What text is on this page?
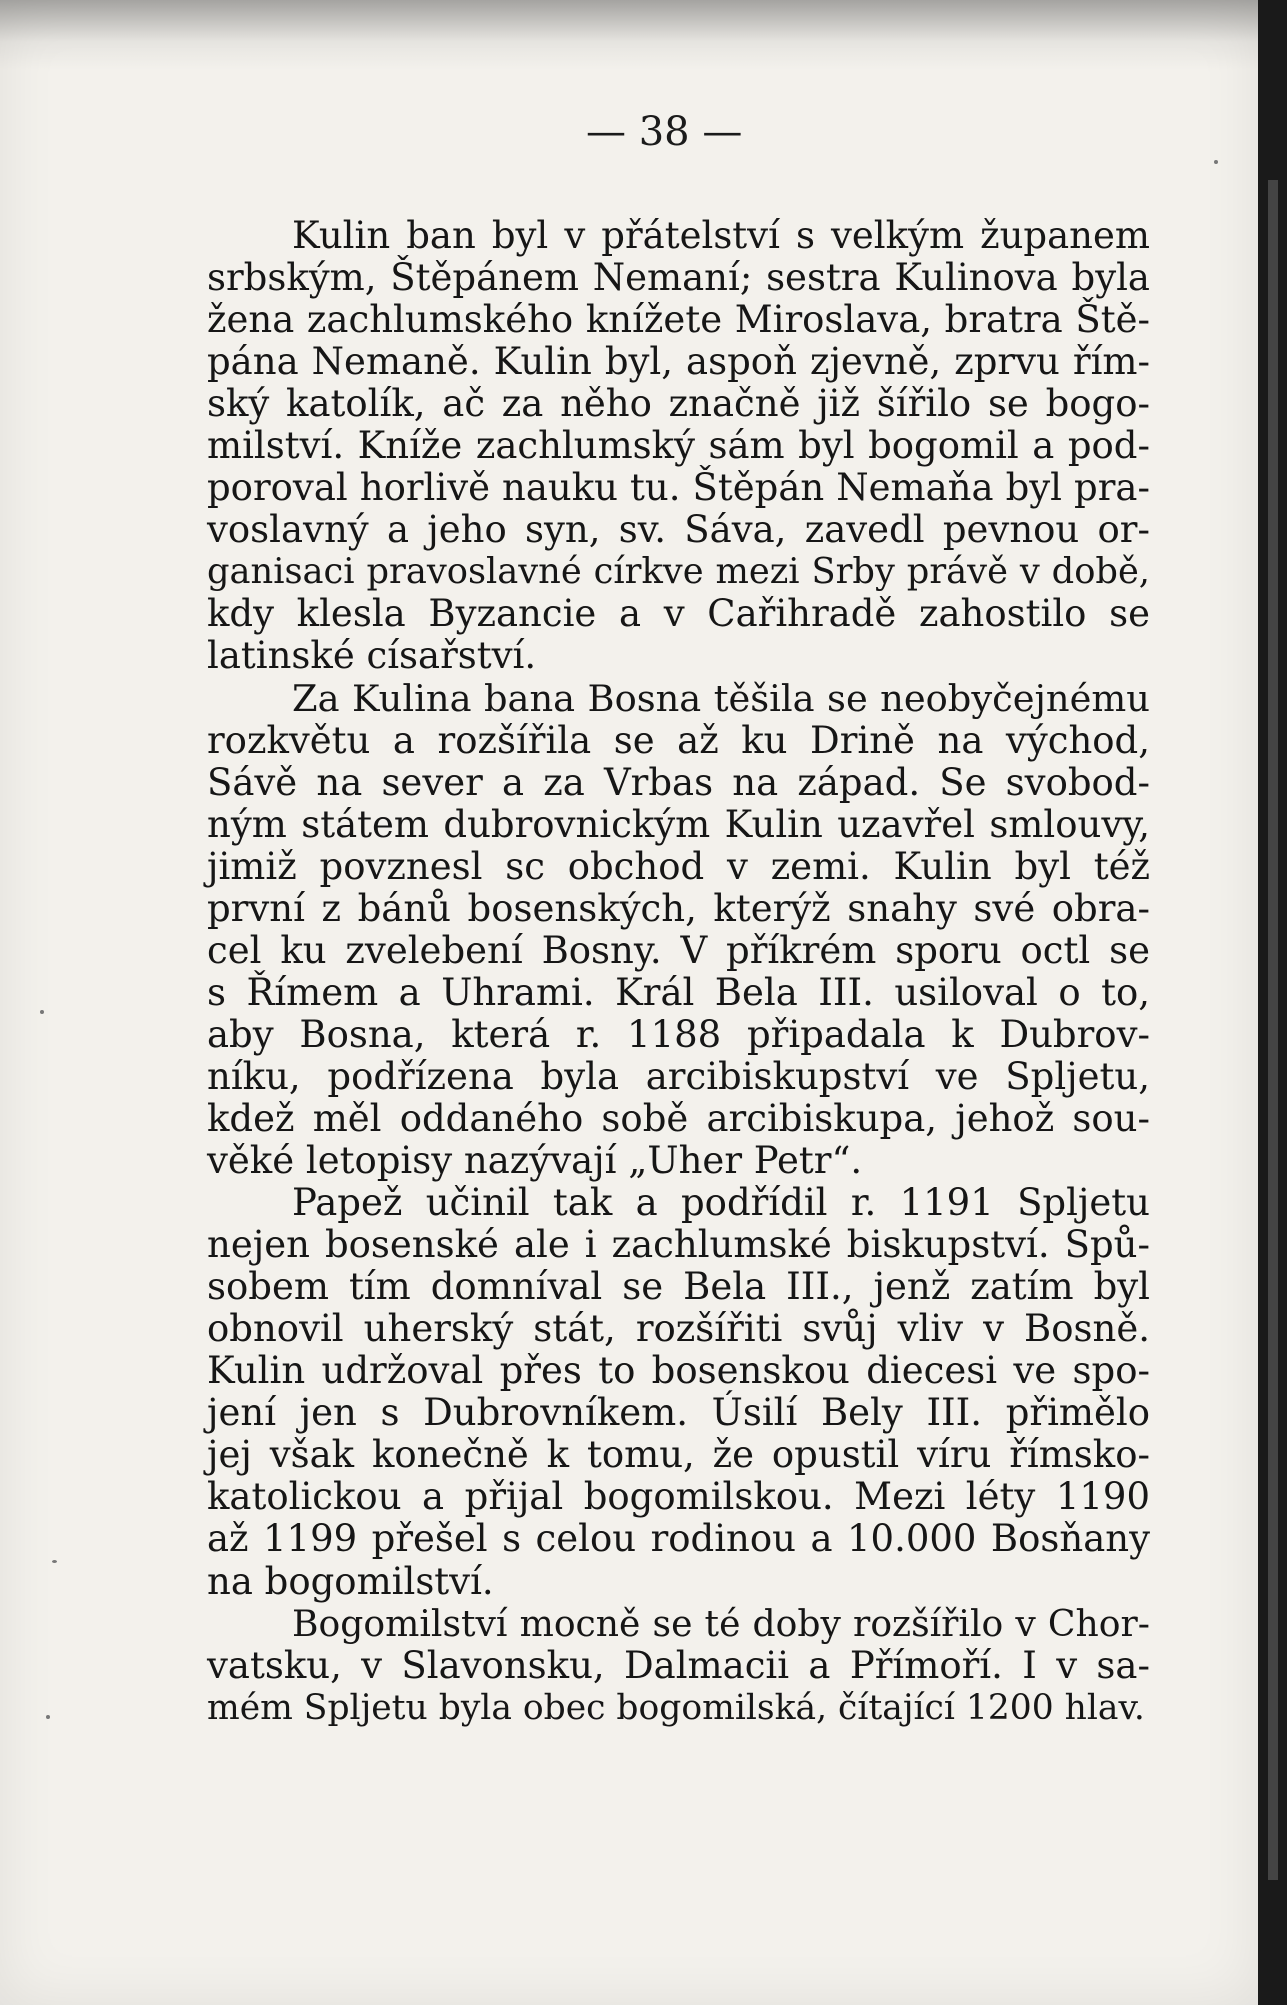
— 38 —
Kulin ban byl v přátelství s velkým županem
srbským, Štěpánem Nemaní; sestra Kulinova byla
žena zachlumského knížete Miroslava, bratra Ště-
pána Nemaně. Kulin byl, aspoň zjevně, zprvu řím-
ský katolík, ač za něho značně již šířilo se bogo-
milství. Kníže zachlumský sám byl bogomil a pod-
poroval horlivě nauku tu. Štěpán Nemaňa byl pra-
voslavný a jeho syn, sv. Sáva, zavedl pevnou or-
ganisaci pravoslavné církve mezi Srby právě v době,
kdy klesla Byzancie a v Cařihradě zahostilo se
latinské císařství.
Za Kulina bana Bosna těšila se neobyčejnému
rozkvětu a rozšířila se až ku Drině na východ,
Sávě na sever a za Vrbas na západ. Se svobod-
ným státem dubrovnickým Kulin uzavřel smlouvy,
jimiž povznesl sc obchod v zemi. Kulin byl též
první z bánů bosenských, kterýž snahy své obra-
cel ku zvelebení Bosny. V příkrém sporu octl se
s Římem a Uhrami. Král Bela III. usiloval o to,
aby Bosna, která r. 1188 připadala k Dubrov-
níku, podřízena byla arcibiskupství ve Spljetu,
kdež měl oddaného sobě arcibiskupa, jehož sou-
věké letopisy nazývají „Uher Petr“.
Papež učinil tak a podřídil r. 1191 Spljetu
nejen bosenské ale i zachlumské biskupství. Spů-
sobem tím domníval se Bela III., jenž zatím byl
obnovil uherský stát, rozšířiti svůj vliv v Bosně.
Kulin udržoval přes to bosenskou diecesi ve spo-
jení jen s Dubrovníkem. Úsilí Bely III. přimělo
jej však konečně k tomu, že opustil víru římsko-
katolickou a přijal bogomilskou. Mezi léty 1190
až 1199 přešel s celou rodinou a 10.000 Bosňany
na bogomilství.
Bogomilství mocně se té doby rozšířilo v Chor-
vatsku, v Slavonsku, Dalmacii a Přímoří. I v sa-
mém Spljetu byla obec bogomilská, čítající 1200 hlav.
